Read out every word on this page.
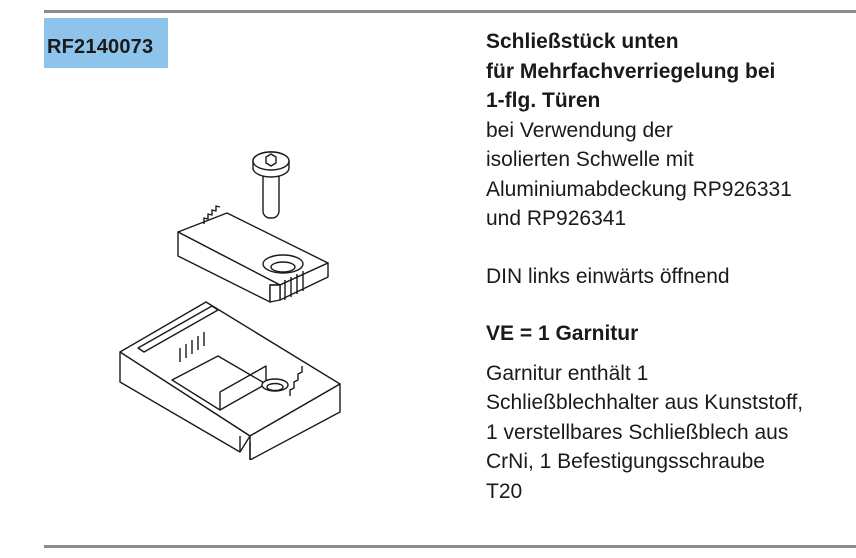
RF2140073	Schließstück unten

für Mehrfachverriegelung bei

1-flg. Türen

bei Verwendung der

isolierten Schwelle mit

Aluminiumabdeckung RP926331

und RP926341

DIN links einwärts öffnend

VE = 1 Garnitur

Garnitur enthält 1

Schließblechhalter aus Kunststoff,

1 verstellbares Schließblech aus

CrNi, 1 Befestigungsschraube

T20
